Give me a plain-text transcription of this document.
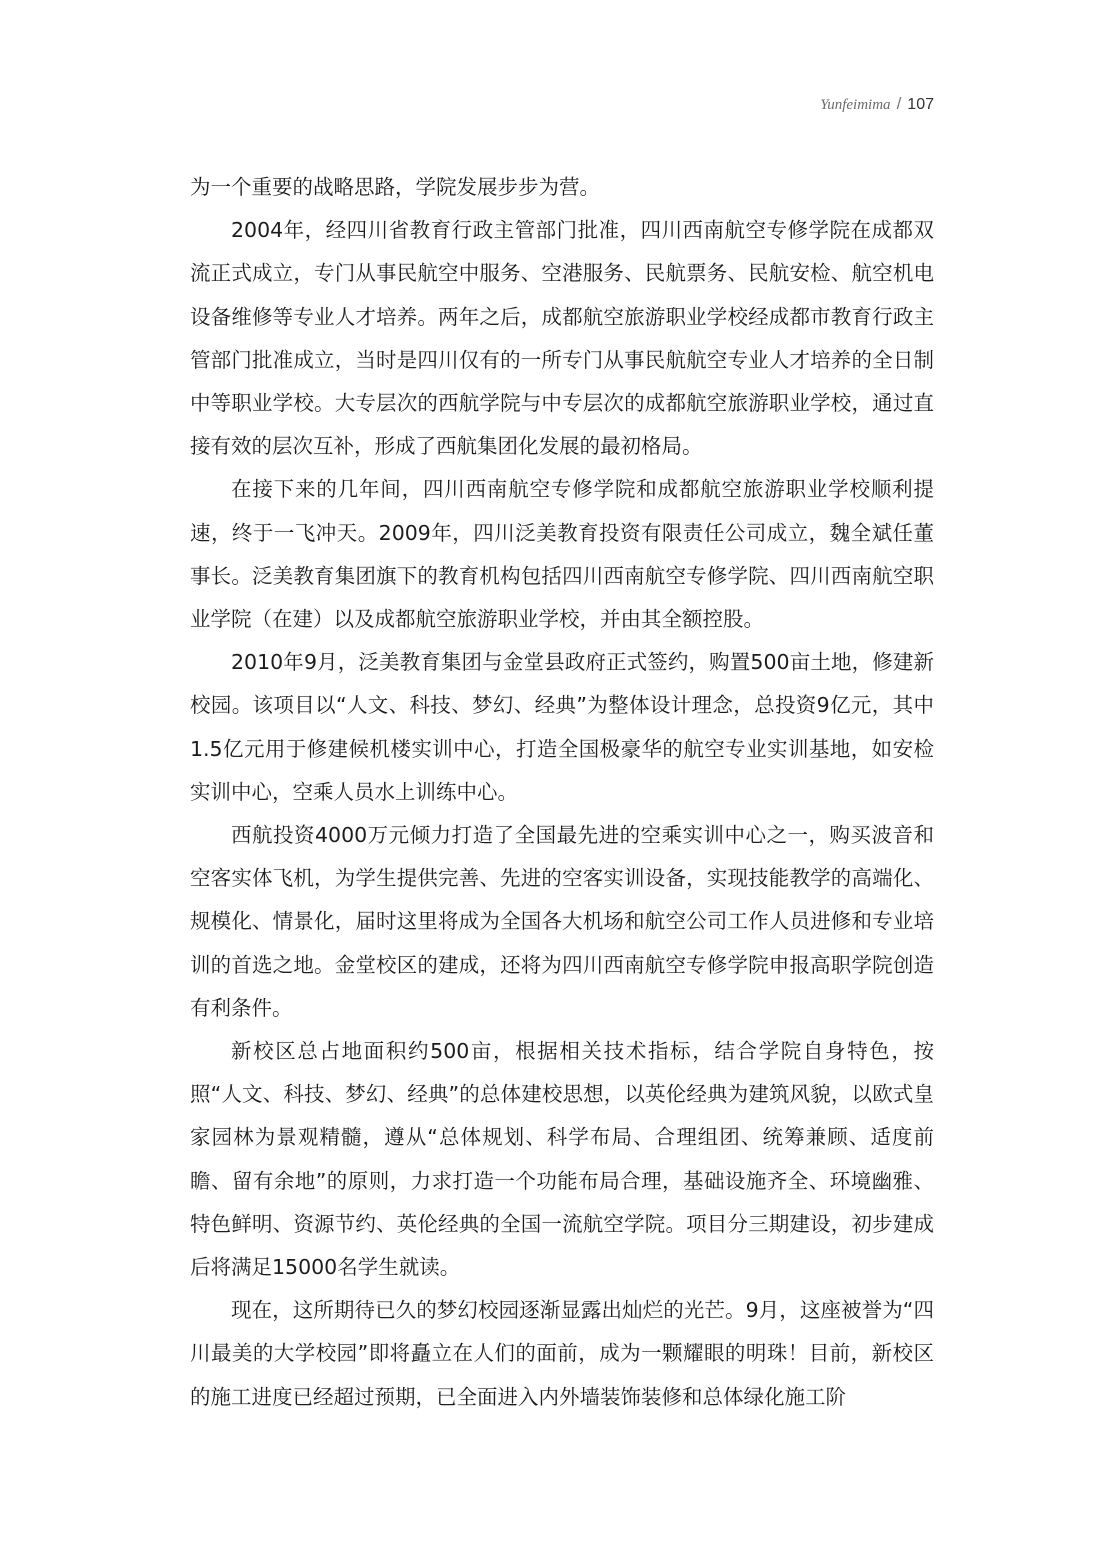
Yunfeimima / 107

为一个重要的战略思路，学院发展步步为营。

2004年，经四川省教育行政主管部门批准，四川西南航空专修学院在成都双流正式成立，专门从事民航空中服务、空港服务、民航票务、民航安检、航空机电设备维修等专业人才培养。两年之后，成都航空旅游职业学校经成都市教育行政主管部门批准成立，当时是四川仅有的一所专门从事民航航空专业人才培养的全日制中等职业学校。大专层次的西航学院与中专层次的成都航空旅游职业学校，通过直接有效的层次互补，形成了西航集团化发展的最初格局。

在接下来的几年间，四川西南航空专修学院和成都航空旅游职业学校顺利提速，终于一飞冲天。2009年，四川泛美教育投资有限责任公司成立，魏全斌任董事长。泛美教育集团旗下的教育机构包括四川西南航空专修学院、四川西南航空职业学院（在建）以及成都航空旅游职业学校，并由其全额控股。

2010年9月，泛美教育集团与金堂县政府正式签约，购置500亩土地，修建新校园。该项目以“人文、科技、梦幻、经典”为整体设计理念，总投资9亿元，其中1.5亿元用于修建候机楼实训中心，打造全国极豪华的航空专业实训基地，如安检实训中心，空乘人员水上训练中心。

西航投资4000万元倾力打造了全国最先进的空乘实训中心之一，购买波音和空客实体飞机，为学生提供完善、先进的空客实训设备，实现技能教学的高端化、规模化、情景化，届时这里将成为全国各大机场和航空公司工作人员进修和专业培训的首选之地。金堂校区的建成，还将为四川西南航空专修学院申报高职学院创造有利条件。

新校区总占地面积约500亩，根据相关技术指标，结合学院自身特色，按照“人文、科技、梦幻、经典”的总体建校思想，以英伦经典为建筑风貌，以欧式皇家园林为景观精髓，遵从“总体规划、科学布局、合理组团、统筹兼顾、适度前瞻、留有余地”的原则，力求打造一个功能布局合理，基础设施齐全、环境幽雅、特色鲜明、资源节约、英伦经典的全国一流航空学院。项目分三期建设，初步建成后将满足15000名学生就读。

现在，这所期待已久的梦幻校园逐渐显露出灿烂的光芒。9月，这座被誉为“四川最美的大学校园”即将矗立在人们的面前，成为一颗耀眼的明珠！目前，新校区的施工进度已经超过预期，已全面进入内外墙装饰装修和总体绿化施工阶
